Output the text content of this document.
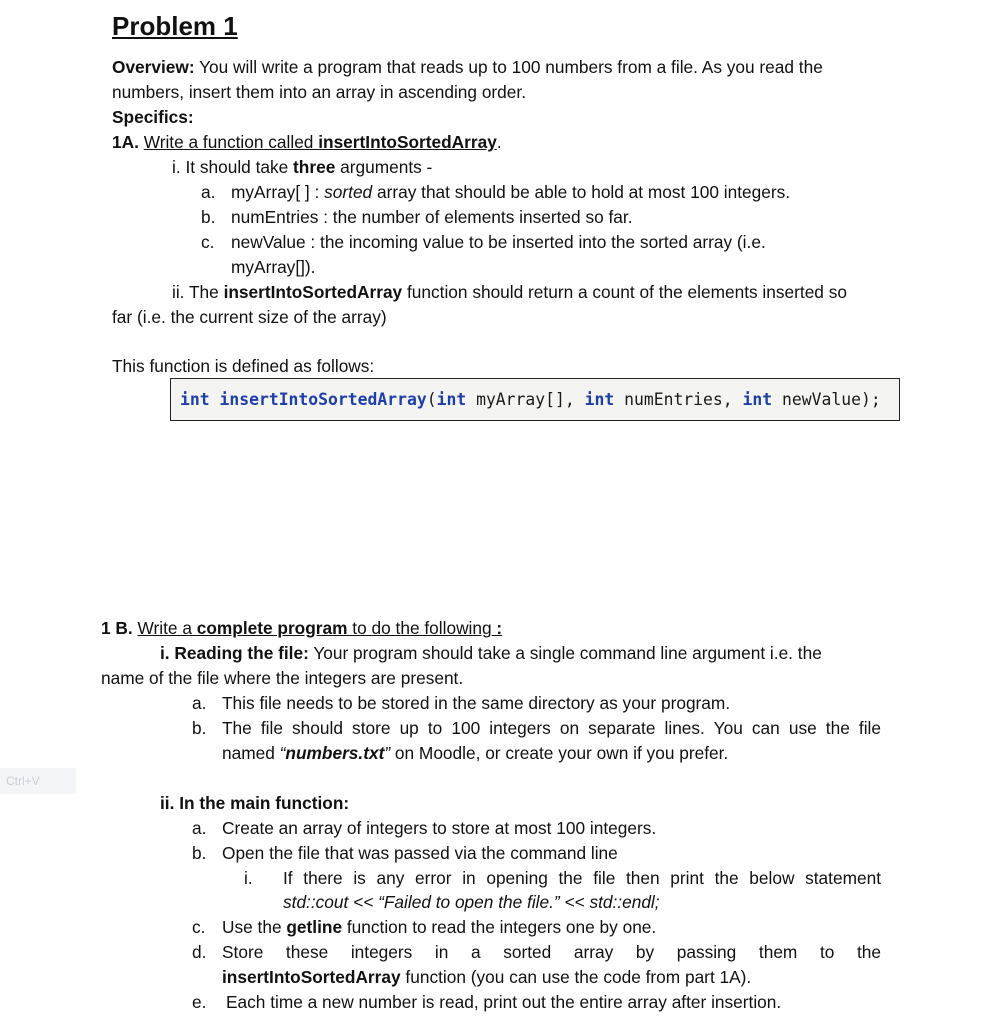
Problem 1
Overview: You will write a program that reads up to 100 numbers from a file. As you read the
numbers, insert them into an array in ascending order.
Specifics:
1A. Write a function called insertIntoSortedArray.
i. It should take three arguments -
a. myArray[ ] : sorted array that should be able to hold at most 100 integers.
b. numEntries : the number of elements inserted so far.
c. newValue : the incoming value to be inserted into the sorted array (i.e.
myArray[]).
ii. The insertIntoSortedArray function should return a count of the elements inserted so
far (i.e. the current size of the array)
This function is defined as follows:
int insertIntoSortedArray(int myArray[], int numEntries, int newValue);
1 B. Write a complete program to do the following :
i. Reading the file: Your program should take a single command line argument i.e. the
name of the file where the integers are present.
a. This file needs to be stored in the same directory as your program.
b. The file should store up to 100 integers on separate lines. You can use the file
named “numbers.txt” on Moodle, or create your own if you prefer.
Ctrl+V
ii. In the main function:
a. Create an array of integers to store at most 100 integers.
b. Open the file that was passed via the command line
i. If there is any error in opening the file then print the below statement
std::cout << “Failed to open the file.” << std::endl;
c. Use the getline function to read the integers one by one.
d. Store these integers in a sorted array by passing them to the
insertIntoSortedArray function (you can use the code from part 1A).
e. Each time a new number is read, print out the entire array after insertion.
